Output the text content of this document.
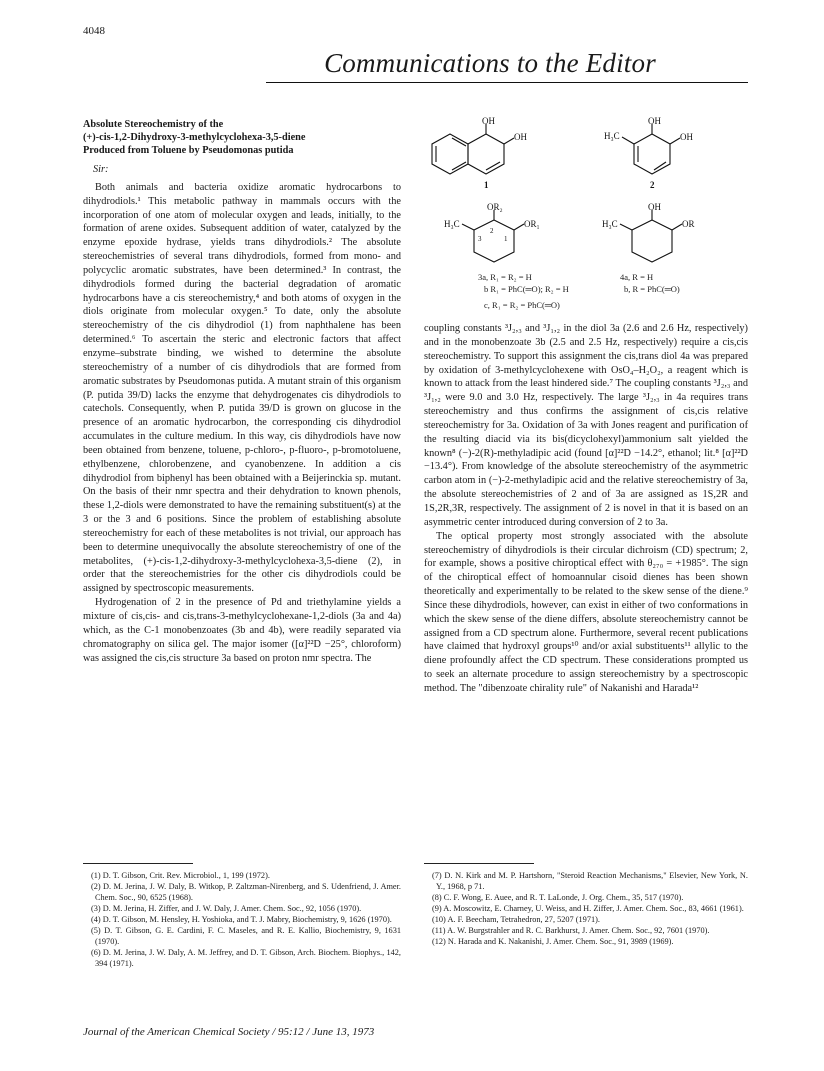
4048
Communications to the Editor
Absolute Stereochemistry of the
(+)-cis-1,2-Dihydroxy-3-methylcyclohexa-3,5-diene
Produced from Toluene by Pseudomonas putida
Sir:

Both animals and bacteria oxidize aromatic hydrocarbons to dihydrodiols.¹ This metabolic pathway in mammals occurs with the incorporation of one atom of molecular oxygen and leads, initially, to the formation of arene oxides. Subsequent addition of water, catalyzed by the enzyme epoxide hydrase, yields trans dihydrodiols.² The absolute stereochemistries of several trans dihydrodiols, formed from mono- and polycyclic aromatic substrates, have been determined.³ In contrast, the dihydrodiols formed during the bacterial degradation of aromatic hydrocarbons have a cis stereochemistry,⁴ and both atoms of oxygen in the diols originate from molecular oxygen.⁵ To date, only the absolute stereochemistry of the cis dihydrodiol (1) from naphthalene has been determined.⁶ To ascertain the steric and electronic factors that affect enzyme–substrate binding, we wished to determine the absolute stereochemistry of a number of cis dihydrodiols that are formed from aromatic substrates by Pseudomonas putida. A mutant strain of this organism (P. putida 39/D) lacks the enzyme that dehydrogenates cis dihydrodiols to catechols. Consequently, when P. putida 39/D is grown on glucose in the presence of an aromatic hydrocarbon, the corresponding cis dihydrodiol accumulates in the culture medium. In this way, cis dihydrodiols have now been obtained from benzene, toluene, p-chloro-, p-fluoro-, p-bromotoluene, ethylbenzene, chlorobenzene, and cyanobenzene. In addition a cis dihydrodiol from biphenyl has been obtained with a Beijerinckia sp. mutant. On the basis of their nmr spectra and their dehydration to known phenols, these 1,2-diols were demonstrated to have the remaining substituent(s) at the 3 or the 3 and 6 positions. Since the problem of establishing absolute stereochemistry for each of these metabolites is not trivial, our approach has been to determine unequivocally the absolute stereochemistry of one of the metabolites, (+)-cis-1,2-dihydroxy-3-methylcyclohexa-3,5-diene (2), in order that the stereochemistries for the other cis dihydrodiols could be assigned by spectroscopic measurements.

Hydrogenation of 2 in the presence of Pd and triethylamine yields a mixture of cis,cis- and cis,trans-3-methylcyclohexane-1,2-diols (3a and 4a) which, as the C-1 monobenzoates (3b and 4b), were readily separated via chromatography on silica gel. The major isomer ([α]²²D −25°, chloroform) was assigned the cis,cis structure 3a based on proton nmr spectra. The

OH
OH
1
OH
OH
H₃C
2
OR₂
OR₁
H₃C
2
1
3
OH
OR
H₃C
3a, R₁ = R₂ = H
b R₁ = PhC(═O); R₂ = H
c, R₁ = R₂ = PhC(═O)
4a, R = H
b, R = PhC(═O)

coupling constants ³J₂,₃ and ³J₁,₂ in the diol 3a (2.6 and 2.6 Hz, respectively) and in the monobenzoate 3b (2.5 and 2.5 Hz, respectively) require a cis,cis stereochemistry. To support this assignment the cis,trans diol 4a was prepared by oxidation of 3-methylcyclohexene with OsO₄–H₂O₂, a reagent which is known to attack from the least hindered side.⁷ The coupling constants ³J₂,₃ and ³J₁,₂ were 9.0 and 3.0 Hz, respectively. The large ³J₂,₃ in 4a requires trans stereochemistry and thus confirms the assignment of cis,cis relative stereochemistry for 3a. Oxidation of 3a with Jones reagent and purification of the resulting diacid via its bis(dicyclohexyl)ammonium salt yielded the known⁸ (−)-2(R)-methyladipic acid (found [α]²²D −14.2°, ethanol; lit.⁸ [α]²²D −13.4°). From knowledge of the absolute stereochemistry of the asymmetric carbon atom in (−)-2-methyladipic acid and the relative stereochemistry of 3a, the absolute stereochemistries of 2 and of 3a are assigned as 1S,2R and 1S,2R,3R, respectively. The assignment of 2 is novel in that it is based on an asymmetric center introduced during conversion of 2 to 3a.

The optical property most strongly associated with the absolute stereochemistry of dihydrodiols is their circular dichroism (CD) spectrum; 2, for example, shows a positive chiroptical effect with θ₂₇₀ = +1985°. The sign of the chiroptical effect of homoannular cisoid dienes has been shown theoretically and experimentally to be related to the skew sense of the diene.⁹ Since these dihydrodiols, however, can exist in either of two conformations in which the skew sense of the diene differs, absolute stereochemistry cannot be assigned from a CD spectrum alone. Furthermore, several recent publications have claimed that hydroxyl groups¹⁰ and/or axial substituents¹¹ allylic to the diene profoundly affect the CD spectrum. These considerations prompted us to seek an alternate procedure to assign stereochemistry by a spectroscopic method. The "dibenzoate chirality rule" of Nakanishi and Harada¹²

(1) D. T. Gibson, Crit. Rev. Microbiol., 1, 199 (1972).

(2) D. M. Jerina, J. W. Daly, B. Witkop, P. Zaltzman-Nirenberg, and S. Udenfriend, J. Amer. Chem. Soc., 90, 6525 (1968).

(3) D. M. Jerina, H. Ziffer, and J. W. Daly, J. Amer. Chem. Soc., 92, 1056 (1970).

(4) D. T. Gibson, M. Hensley, H. Yoshioka, and T. J. Mabry, Biochemistry, 9, 1626 (1970).

(5) D. T. Gibson, G. E. Cardini, F. C. Maseles, and R. E. Kallio, Biochemistry, 9, 1631 (1970).

(6) D. M. Jerina, J. W. Daly, A. M. Jeffrey, and D. T. Gibson, Arch. Biochem. Biophys., 142, 394 (1971).

(7) D. N. Kirk and M. P. Hartshorn, "Steroid Reaction Mechanisms," Elsevier, New York, N. Y., 1968, p 71.

(8) C. F. Wong, E. Auee, and R. T. LaLonde, J. Org. Chem., 35, 517 (1970).

(9) A. Moscowitz, E. Charney, U. Weiss, and H. Ziffer, J. Amer. Chem. Soc., 83, 4661 (1961).

(10) A. F. Beecham, Tetrahedron, 27, 5207 (1971).

(11) A. W. Burgstrahler and R. C. Barkhurst, J. Amer. Chem. Soc., 92, 7601 (1970).

(12) N. Harada and K. Nakanishi, J. Amer. Chem. Soc., 91, 3989 (1969).

Journal of the American Chemical Society / 95:12 / June 13, 1973
